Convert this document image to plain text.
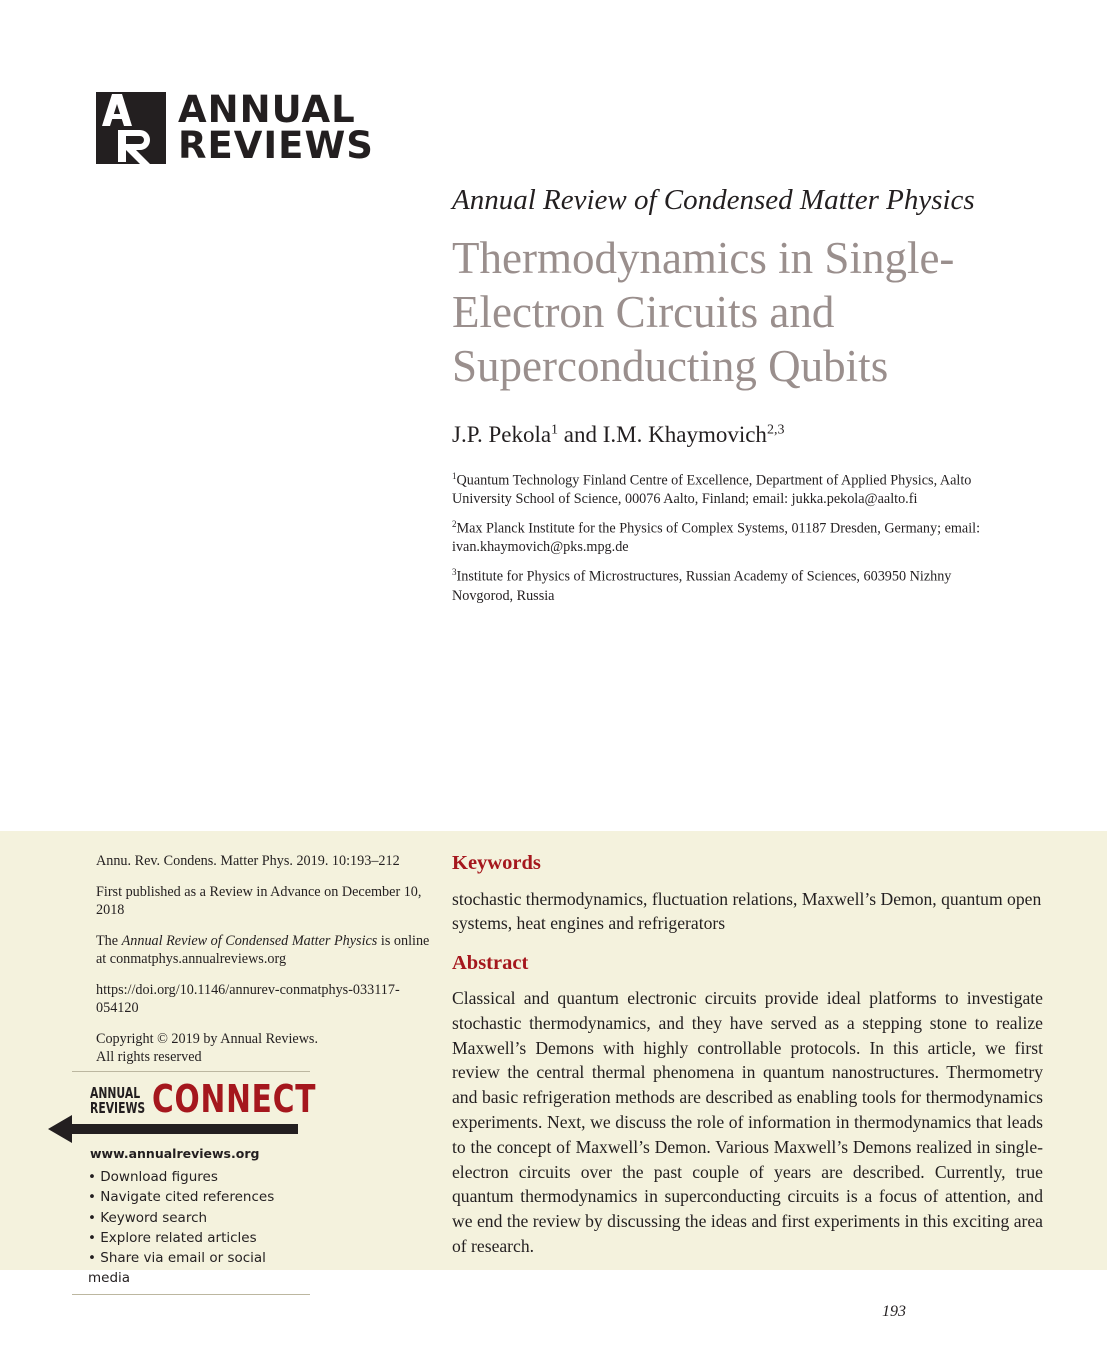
ANNUAL
REVIEWS
Annual Review of Condensed Matter Physics
Thermodynamics in Single-Electron Circuits and Superconducting Qubits
J.P. Pekola$^1$ and I.M. Khaymovich$^{2,3}$
$^1$Quantum Technology Finland Centre of Excellence, Department of Applied Physics, Aalto University School of Science, 00076 Aalto, Finland; email: jukka.pekola@aalto.fi
$^2$Max Planck Institute for the Physics of Complex Systems, 01187 Dresden, Germany; email: ivan.khaymovich@pks.mpg.de
$^3$Institute for Physics of Microstructures, Russian Academy of Sciences, 603950 Nizhny Novgorod, Russia

Annu. Rev. Condens. Matter Phys. 2019. 10:193–212

First published as a Review in Advance on December 10, 2018

The Annual Review of Condensed Matter Physics is online at conmatphys.annualreviews.org

https://doi.org/10.1146/annurev-conmatphys-033117-054120

Copyright © 2019 by Annual Reviews.
All rights reserved

ANNUAL
REVIEWS CONNECT
www.annualreviews.org
• Download figures
• Navigate cited references
• Keyword search
• Explore related articles
• Share via email or social media
Keywords
stochastic thermodynamics, fluctuation relations, Maxwell’s Demon, quantum open systems, heat engines and refrigerators
Abstract
Classical and quantum electronic circuits provide ideal platforms to investigate stochastic thermodynamics, and they have served as a stepping stone to realize Maxwell’s Demons with highly controllable protocols. In this article, we first review the central thermal phenomena in quantum nanostructures. Thermometry and basic refrigeration methods are described as enabling tools for thermodynamics experiments. Next, we discuss the role of information in thermodynamics that leads to the concept of Maxwell’s Demon. Various Maxwell’s Demons realized in single-electron circuits over the past couple of years are described. Currently, true quantum thermodynamics in superconducting circuits is a focus of attention, and we end the review by discussing the ideas and first experiments in this exciting area of research.
193
